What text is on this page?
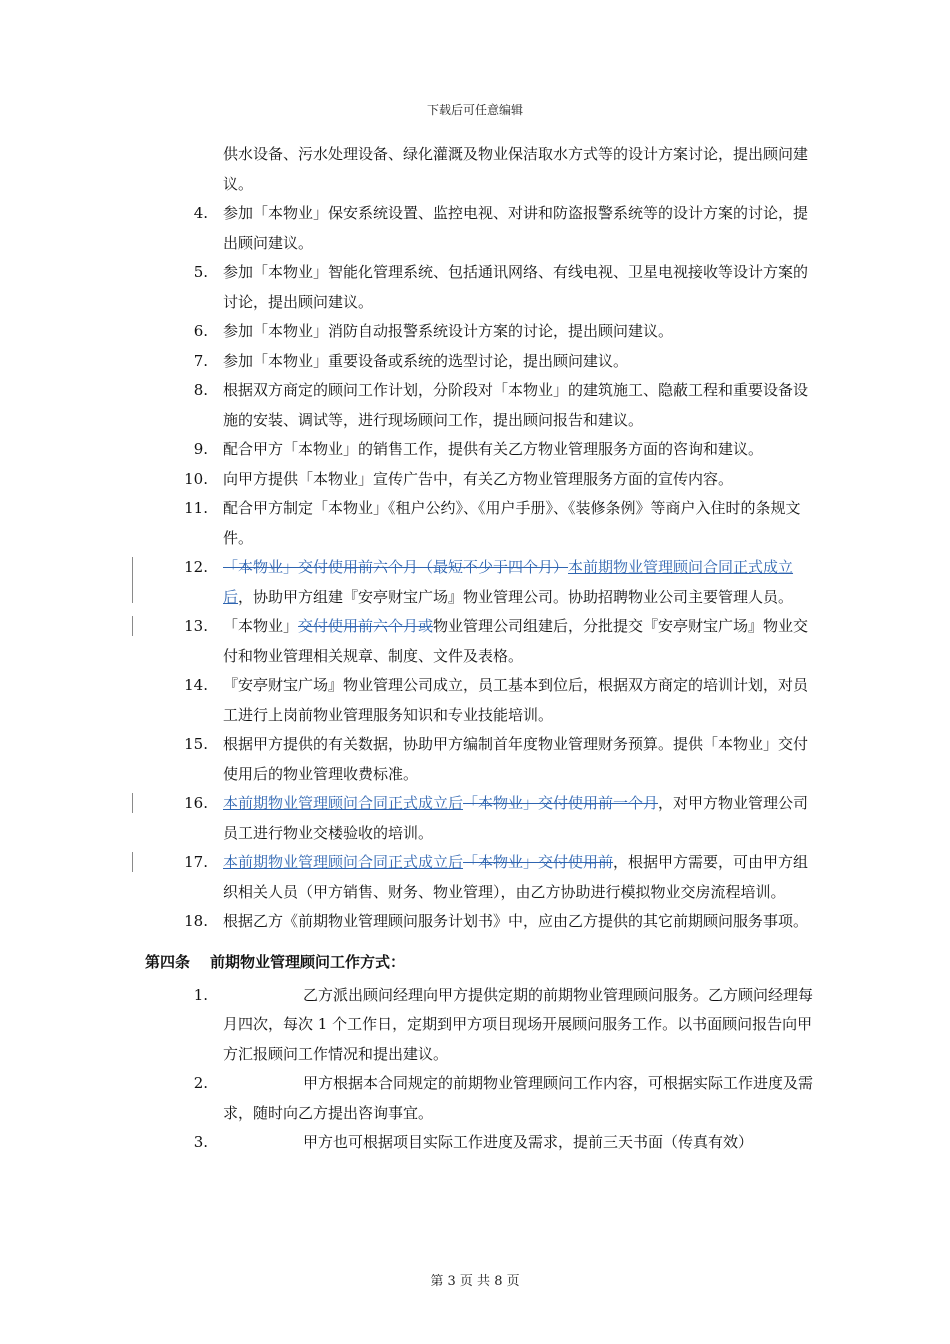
下载后可任意编辑
供水设备、污水处理设备、绿化灌溉及物业保洁取水方式等的设计方案讨论，提出顾问建议。
4. 参加「本物业」保安系统设置、监控电视、对讲和防盗报警系统等的设计方案的讨论，提出顾问建议。
5. 参加「本物业」智能化管理系统、包括通讯网络、有线电视、卫星电视接收等设计方案的讨论，提出顾问建议。
6. 参加「本物业」消防自动报警系统设计方案的讨论，提出顾问建议。
7. 参加「本物业」重要设备或系统的选型讨论，提出顾问建议。
8. 根据双方商定的顾问工作计划，分阶段对「本物业」的建筑施工、隐蔽工程和重要设备设施的安装、调试等，进行现场顾问工作，提出顾问报告和建议。
9. 配合甲方「本物业」的销售工作，提供有关乙方物业管理服务方面的咨询和建议。
10. 向甲方提供「本物业」宣传广告中，有关乙方物业管理服务方面的宣传内容。
11. 配合甲方制定「本物业」《租户公约》、《用户手册》、《装修条例》等商户入住时的条规文件。
12. 「本物业」交付使用前六个月（最短不少于四个月）本前期物业管理顾问合同正式成立后，协助甲方组建『安亭财宝广场』物业管理公司。协助招聘物业公司主要管理人员。
13. 「本物业」交付使用前六个月或物业管理公司组建后，分批提交『安亭财宝广场』物业交付和物业管理相关规章、制度、文件及表格。
14. 『安亭财宝广场』物业管理公司成立，员工基本到位后，根据双方商定的培训计划，对员工进行上岗前物业管理服务知识和专业技能培训。
15. 根据甲方提供的有关数据，协助甲方编制首年度物业管理财务预算。提供「本物业」交付使用后的物业管理收费标准。
16. 本前期物业管理顾问合同正式成立后「本物业」交付使用前一个月，对甲方物业管理公司员工进行物业交楼验收的培训。
17. 本前期物业管理顾问合同正式成立后「本物业」交付使用前，根据甲方需要，可由甲方组织相关人员（甲方销售、财务、物业管理），由乙方协助进行模拟物业交房流程培训。
18. 根据乙方《前期物业管理顾问服务计划书》中，应由乙方提供的其它前期顾问服务事项。
第四条 前期物业管理顾问工作方式：
1.	乙方派出顾问经理向甲方提供定期的前期物业管理顾问服务。乙方顾问经理每月四次，每次 1 个工作日，定期到甲方项目现场开展顾问服务工作。以书面顾问报告向甲方汇报顾问工作情况和提出建议。
2.	甲方根据本合同规定的前期物业管理顾问工作内容，可根据实际工作进度及需求，随时向乙方提出咨询事宜。
3.	甲方也可根据项目实际工作进度及需求，提前三天书面（传真有效）
第 3 页 共 8 页
